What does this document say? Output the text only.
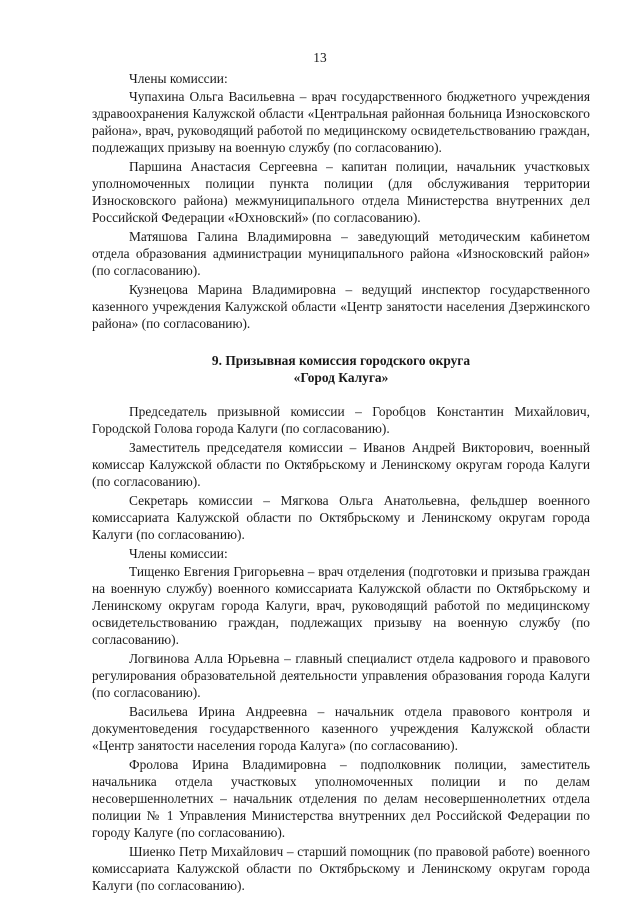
13

Члены комиссии:

Чупахина Ольга Васильевна – врач государственного бюджетного учреждения здравоохранения Калужской области «Центральная районная больница Износковского района», врач, руководящий работой по медицинскому освидетельствованию граждан, подлежащих призыву на военную службу (по согласованию).

Паршина Анастасия Сергеевна – капитан полиции, начальник участковых уполномоченных полиции пункта полиции (для обслуживания территории Износковского района) межмуниципального отдела Министерства внутренних дел Российской Федерации «Юхновский» (по согласованию).

Матяшова Галина Владимировна – заведующий методическим кабинетом отдела образования администрации муниципального района «Износковский район» (по согласованию).

Кузнецова Марина Владимировна – ведущий инспектор государственного казенного учреждения Калужской области «Центр занятости населения Дзержинского района» (по согласованию).

9. Призывная комиссия городского округа
«Город Калуга»

Председатель призывной комиссии – Горобцов Константин Михайлович, Городской Голова города Калуги (по согласованию).

Заместитель председателя комиссии – Иванов Андрей Викторович, военный комиссар Калужской области по Октябрьскому и Ленинскому округам города Калуги (по согласованию).

Секретарь комиссии – Мягкова Ольга Анатольевна, фельдшер военного комиссариата Калужской области по Октябрьскому и Ленинскому округам города Калуги (по согласованию).

Члены комиссии:

Тищенко Евгения Григорьевна – врач отделения (подготовки и призыва граждан на военную службу) военного комиссариата Калужской области по Октябрьскому и Ленинскому округам города Калуги, врач, руководящий работой по медицинскому освидетельствованию граждан, подлежащих призыву на военную службу (по согласованию).

Логвинова Алла Юрьевна – главный специалист отдела кадрового и правового регулирования образовательной деятельности управления образования города Калуги (по согласованию).

Васильева Ирина Андреевна – начальник отдела правового контроля и документоведения государственного казенного учреждения Калужской области «Центр занятости населения города Калуга» (по согласованию).

Фролова Ирина Владимировна – подполковник полиции, заместитель начальника отдела участковых уполномоченных полиции и по делам несовершеннолетних – начальник отделения по делам несовершеннолетних отдела полиции № 1 Управления Министерства внутренних дел Российской Федерации по городу Калуге (по согласованию).

Шиенко Петр Михайлович – старший помощник (по правовой работе) военного комиссариата Калужской области по Октябрьскому и Ленинскому округам города Калуги (по согласованию).
